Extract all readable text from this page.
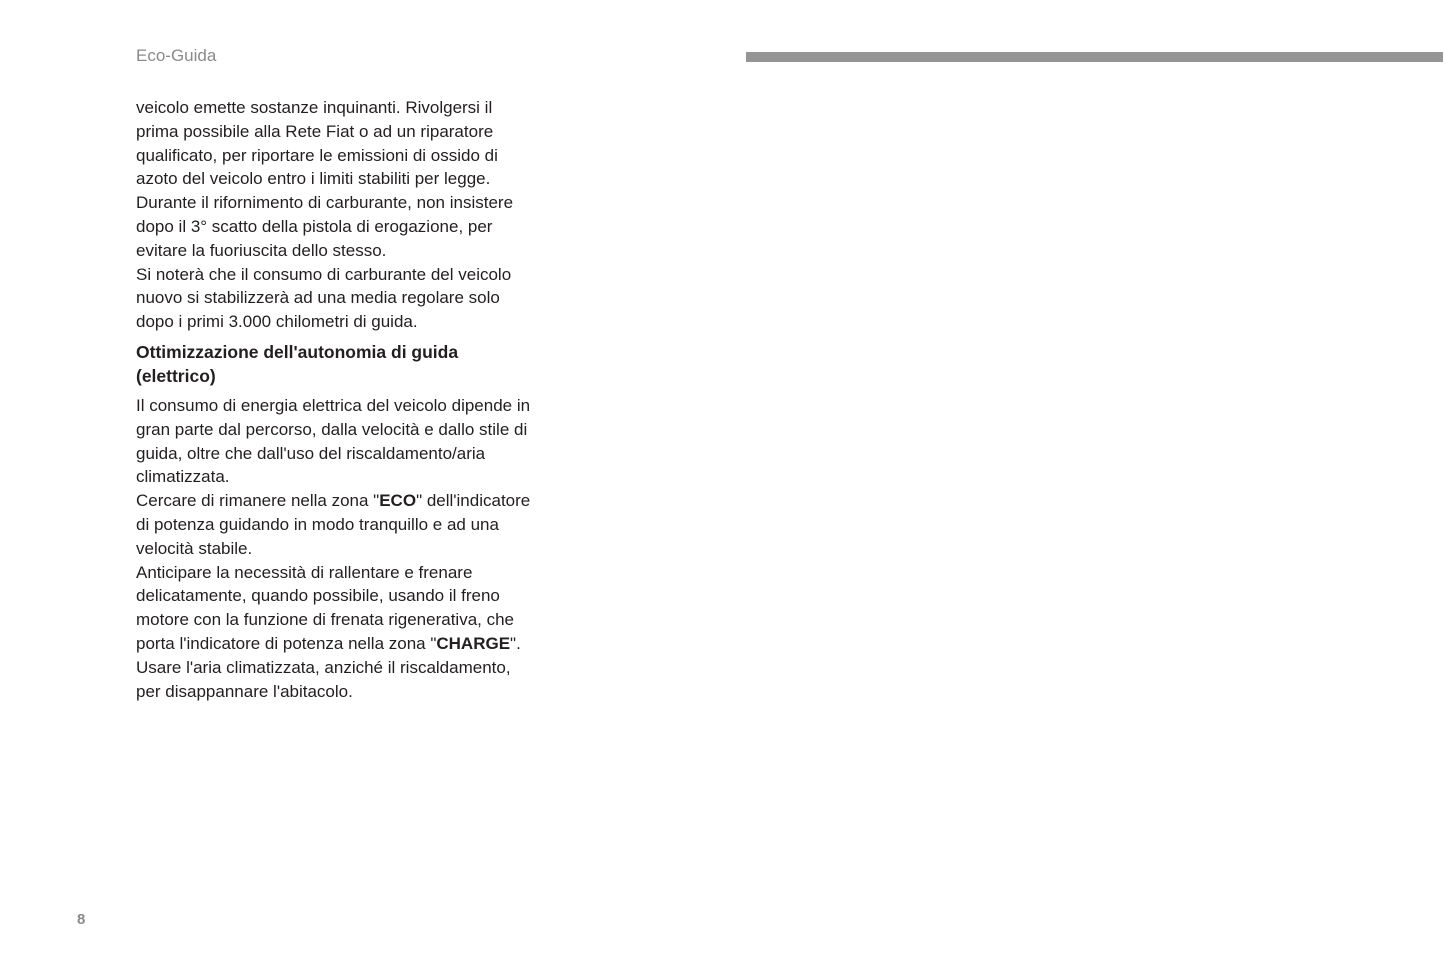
Eco-Guida

veicolo emette sostanze inquinanti. Rivolgersi il prima possibile alla Rete Fiat o ad un riparatore qualificato, per riportare le emissioni di ossido di azoto del veicolo entro i limiti stabiliti per legge.

Durante il rifornimento di carburante, non insistere dopo il 3° scatto della pistola di erogazione, per evitare la fuoriuscita dello stesso.

Si noterà che il consumo di carburante del veicolo nuovo si stabilizzerà ad una media regolare solo dopo i primi 3.000 chilometri di guida.

Ottimizzazione dell'autonomia di guida (elettrico)

Il consumo di energia elettrica del veicolo dipende in gran parte dal percorso, dalla velocità e dallo stile di guida, oltre che dall'uso del riscaldamento/aria climatizzata.

Cercare di rimanere nella zona "ECO" dell'indicatore di potenza guidando in modo tranquillo e ad una velocità stabile.

Anticipare la necessità di rallentare e frenare delicatamente, quando possibile, usando il freno motore con la funzione di frenata rigenerativa, che porta l'indicatore di potenza nella zona "CHARGE".

Usare l'aria climatizzata, anziché il riscaldamento, per disappannare l'abitacolo.

8
